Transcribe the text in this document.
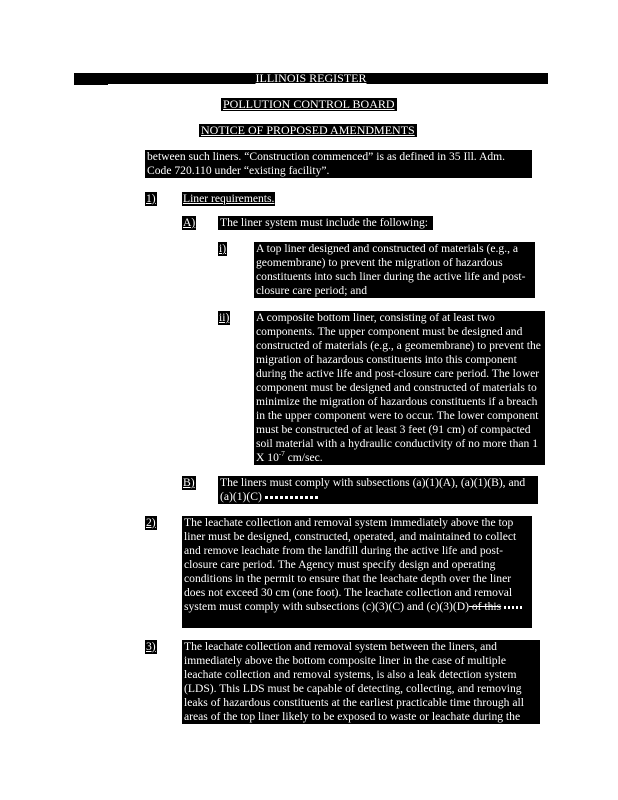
ILLINOIS REGISTER
POLLUTION CONTROL BOARD
NOTICE OF PROPOSED AMENDMENTS
between such liners. “Construction commenced” is as defined in 35 Ill. Adm. Code 720.110 under “existing facility”.
1) Liner requirements.
A) The liner system must include the following:
i)	A top liner designed and constructed of materials (e.g., a geomembrane) to prevent the migration of hazardous constituents into such liner during the active life and post-closure care period; and
ii) A composite bottom liner, consisting of at least two components. The upper component must be designed and constructed of materials (e.g., a geomembrane) to prevent the migration of hazardous constituents into this component during the active life and post-closure care period. The lower component must be designed and constructed of materials to minimize the migration of hazardous constituents if a breach in the upper component were to occur. The lower component must be constructed of at least 3 feet (91 cm) of compacted soil material with a hydraulic conductivity of no more than 1 X $10^{-7}$ cm/sec.
B) The liners must comply with subsections (a)(1)(A), (a)(1)(B), and (a)(1)(C)
2) The leachate collection and removal system immediately above the top liner must be designed, constructed, operated, and maintained to collect and remove leachate from the landfill during the active life and post-closure care period. The Agency must specify design and operating conditions in the permit to ensure that the leachate depth over the liner does not exceed 30 cm (one foot). The leachate collection and removal system must comply with subsections (c)(3)(C) and (c)(3)(D) of this
3) The leachate collection and removal system between the liners, and immediately above the bottom composite liner in the case of multiple leachate collection and removal systems, is also a leak detection system (LDS). This LDS must be capable of detecting, collecting, and removing leaks of hazardous constituents at the earliest practicable time through all areas of the top liner likely to be exposed to waste or leachate during the
